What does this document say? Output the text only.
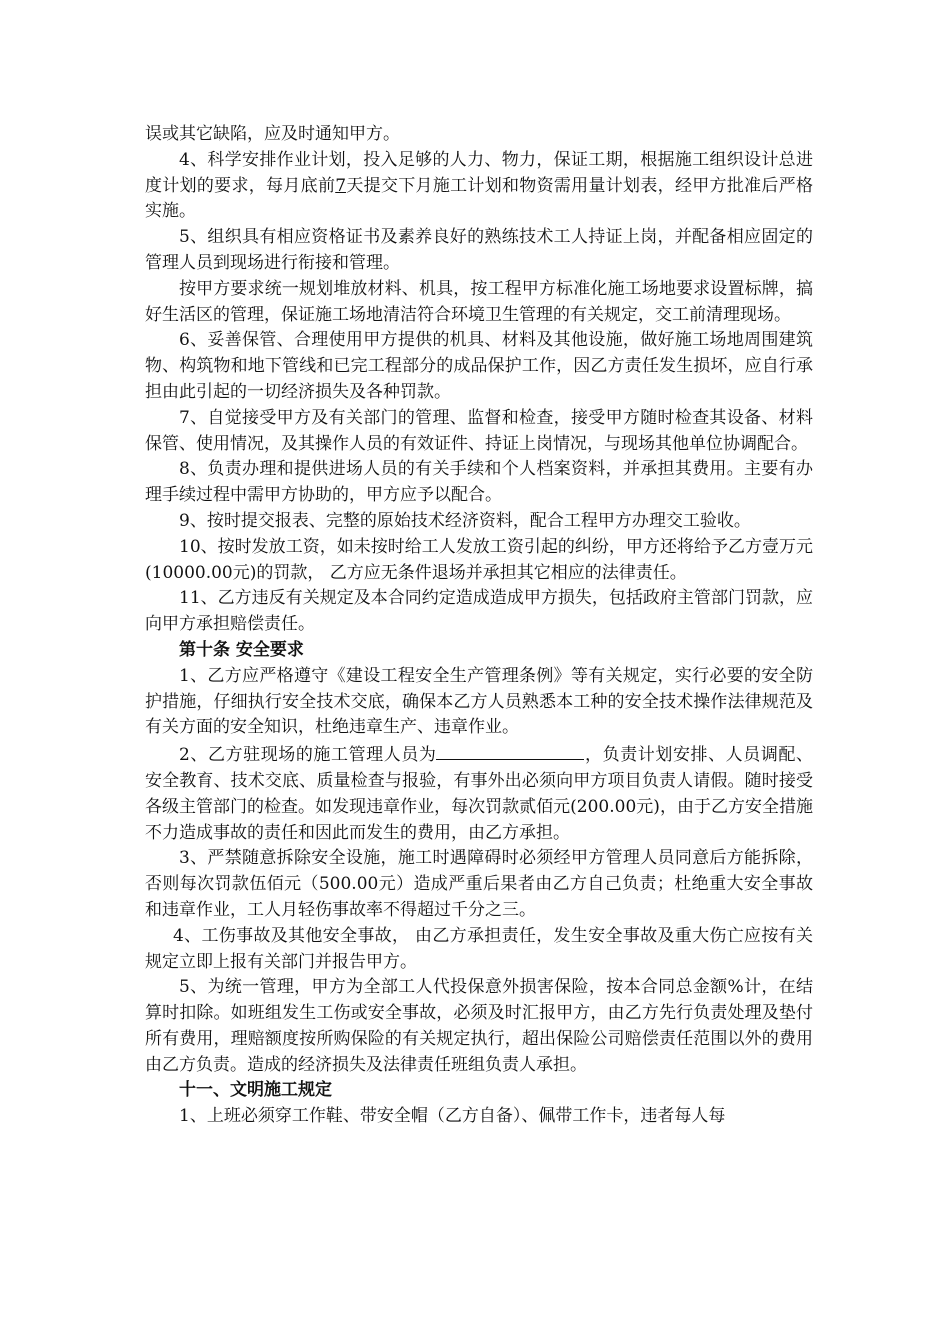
误或其它缺陷，应及时通知甲方。

4、科学安排作业计划，投入足够的人力、物力，保证工期，根据施工组织设计总进度计划的要求，每月底前7天提交下月施工计划和物资需用量计划表，经甲方批准后严格实施。

5、组织具有相应资格证书及素养良好的熟练技术工人持证上岗，并配备相应固定的管理人员到现场进行衔接和管理。

按甲方要求统一规划堆放材料、机具，按工程甲方标准化施工场地要求设置标牌，搞好生活区的管理，保证施工场地清洁符合环境卫生管理的有关规定，交工前清理现场。

6、妥善保管、合理使用甲方提供的机具、材料及其他设施，做好施工场地周围建筑物、构筑物和地下管线和已完工程部分的成品保护工作，因乙方责任发生损坏，应自行承担由此引起的一切经济损失及各种罚款。

7、自觉接受甲方及有关部门的管理、监督和检查，接受甲方随时检查其设备、材料保管、使用情况，及其操作人员的有效证件、持证上岗情况，与现场其他单位协调配合。

8、负责办理和提供进场人员的有关手续和个人档案资料，并承担其费用。主要有办理手续过程中需甲方协助的，甲方应予以配合。

9、按时提交报表、完整的原始技术经济资料，配合工程甲方办理交工验收。

10、按时发放工资，如未按时给工人发放工资引起的纠纷，甲方还将给予乙方壹万元 (10000.00元)的罚款， 乙方应无条件退场并承担其它相应的法律责任。

11、乙方违反有关规定及本合同约定造成造成甲方损失，包括政府主管部门罚款，应向甲方承担赔偿责任。

第十条 安全要求

1、乙方应严格遵守《建设工程安全生产管理条例》等有关规定，实行必要的安全防护措施，仔细执行安全技术交底，确保本乙方人员熟悉本工种的安全技术操作法律规范及有关方面的安全知识，杜绝违章生产、违章作业。

2、乙方驻现场的施工管理人员为	，负责计划安排、人员调配、安全教育、技术交底、质量检查与报验，有事外出必须向甲方项目负责人请假。随时接受各级主管部门的检查。如发现违章作业，每次罚款贰佰元(200.00元)，由于乙方安全措施不力造成事故的责任和因此而发生的费用，由乙方承担。

3、严禁随意拆除安全设施，施工时遇障碍时必须经甲方管理人员同意后方能拆除，否则每次罚款伍佰元（500.00元）造成严重后果者由乙方自己负责；杜绝重大安全事故和违章作业，工人月轻伤事故率不得超过千分之三。

4、工伤事故及其他安全事故， 由乙方承担责任，发生安全事故及重大伤亡应按有关规定立即上报有关部门并报告甲方。

5、为统一管理，甲方为全部工人代投保意外损害保险，按本合同总金额%计，在结算时扣除。如班组发生工伤或安全事故，必须及时汇报甲方，由乙方先行负责处理及垫付所有费用，理赔额度按所购保险的有关规定执行，超出保险公司赔偿责任范围以外的费用由乙方负责。造成的经济损失及法律责任班组负责人承担。

十一、文明施工规定

1、上班必须穿工作鞋、带安全帽（乙方自备）、佩带工作卡，违者每人每
